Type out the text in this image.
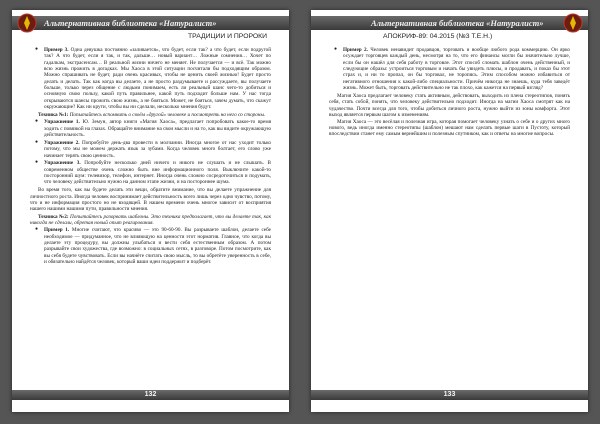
Альтернативная библиотека «Натуралист»
ТРАДИЦИИ И ПРОРОКИ
● Пример 3. Одна девушка постоянно «заливается», что будет, если так? а что будет, если подругой так? А что будет, если я так, и так, дальше… новый вариант… Ложные сомнения… Хочет по гадалкам, экстрасенсам… В реальной жизни ничего не меняет. Не получается — и всё. Так можно всю жизнь прожить в догадках. Мы Хаоса в этой ситуации посчитали бы подходящим образом. Можно спрашивать не будет, ради очень красивых, чтобы не ценить своей жизнью! Будет просто делать и делать. Так как когда вы делаете, а не просто раздумываете и рассуждаете, вы получаете больше, только через общение с людьми понимаем, есть ли реальный шанс чего-то добиться и основную свою пользу, какой путь правильнее, какой путь подходит больше нам. У нас тогда открываются шансы прожить свою жизнь, а не бояться. Может, не бояться, зачем думать, что скажут окружающие? Как ни крути, чтобы вы ни сделали, несколько мнения будут.

Техника №1: Попытайтесь вспомнить о своём «другой» человеке и посмотреть на него со стороны.

● Упражнение 1. Ю. Земун, автор книги «Магия Хаоса», предлагает попробовать какое-то время ходить с повязкой на глазах. Обращайте внимание на свои мысли и на то, как вы видите окружающую действительность.
● Упражнение 2. Попробуйте день-два провести в молчании. Иногда многое от нас уходит только потому, что мы не можем держать язык за зубами. Когда человек много болтает, его слово уже начинает терять свою ценность.
● Упражнение 3. Попробуйте несколько дней ничего и никого не слушать и не слышать. В современном обществе очень сложно быть вне информационного поля. Выключите какой-то посторонний шум: телевизор, телефон, интернет. Иногда очень сложно сосредоточиться и подумать, что человеку действительно нужно на данном этапе жизни, и на постороннее шума.

Во время того, как вы будете делать эти вещи, обратите внимание, что вы делаете упражнение для личностного роста. Иногда человек воспринимает действительность всего лишь через одно чувство, потому, что и не информация простого но не входящей. В нашем времени очень многое зависит от восприятия нашего нашими нашими пути, правильности мнения.

Техника №2: Попытайтесь разорвать шаблоны. Это техника предполагает, что вы делаете так, как никогда не сделали, обретая новый опыт реагирования.

● Пример 1. Многие считают, что красиво — это 90-60-90. Вы разрываете шаблон, делаете себе необходимое — придуманное, что не влияющую на ценности этот норматив. Главное, что когда вы делаете эту процедуру, вы должны улыбаться и вести себя естественным образом. А потом разрывайте свои художества, где возможно: в социальных сетях, в разговоре. Потом посмотрите, как вы себя будете чувствовать. Если вы начнёте считать свою мысль, то вы обретёте уверенность в себе, и обязательно найдётся человек, который ваши идеи поддержит и подберёт.
132
Альтернативная библиотека «Натуралист»
АПОКРИФ-89: 04.2015 (№3 Т.Е.Н.)
● Пример 2. Человек ненавидит продавцов, торговать и вообще любого рода коммерцию. Он ярко осуждает торговцев каждый день, несмотря на то, что его финансы могли бы значительно лучше, если бы он нашёл для себя работу в торговле. Этот способ сломать шаблон очень действенный, и следующие образы: устроиться торговым и начать бы увидеть плюсы, и продавать, и показ бы этот страх и, и ни то пропал, он бы торговал, не торопясь. Этим способом можно избавиться от негативного отношения к какой-либо специальности. Причём никогда не знаешь, куда тебя заведёт жизнь. Может быть, торговать действительно не так плохо, как кажется на первый взгляд?

Магия Хаоса предлагает человеку стать активным, действовать, выходить из плена стереотипов, понять себя, стать собой, понять, что человеку действительно подходит. Иногда на магии Хаоса смотрят как на чудачество. Почти всегда для того, чтобы добиться личного роста, нужно выйти из зоны комфорта. Этот выход является первым шагом к изменениям.

Магия Хаоса — это весёлая и полезная игра, которая помогает человеку узнать о себе и о других много нового, ведь иногда именно стереотипы (шаблон) мешают нам сделать первые шаги в Пустоту, который впоследствии станет ему самым вернейшим и полезным спутником, как и ответы на многие вопросы.

133
